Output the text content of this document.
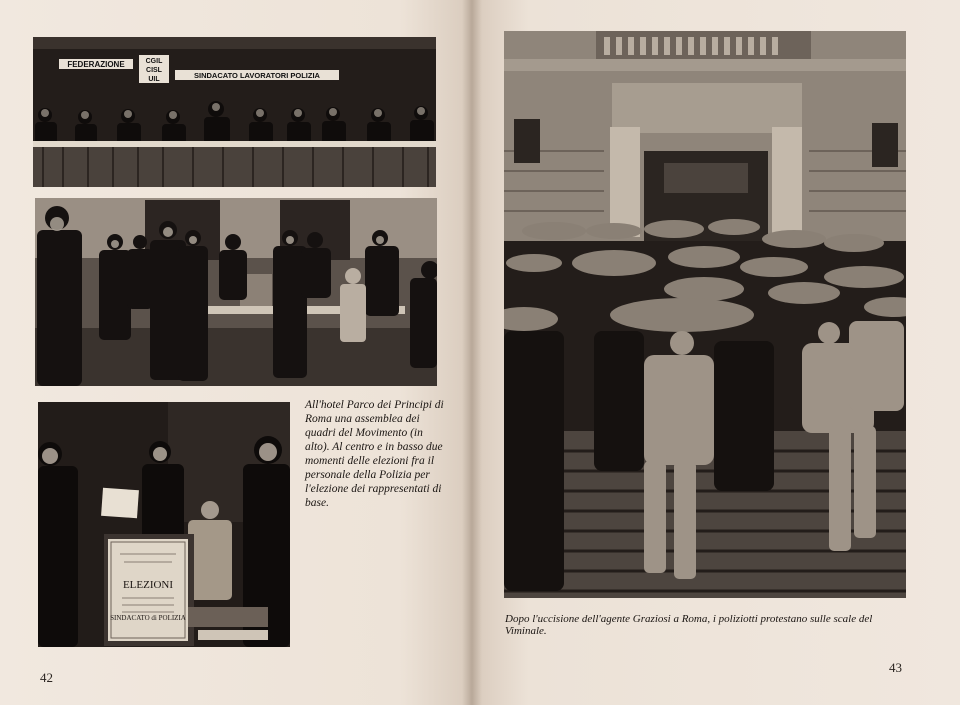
FEDERAZIONE	CGIL
CISL
UIL	SINDACATO LAVORATORI POLIZIA
ELEZIONI
SINDACATO di POLIZIA
All'hotel Parco dei Principi di Roma una assemblea dei quadri del Movimento (in alto). Al centro e in basso due momenti delle elezioni fra il personale della Polizia per l'elezione dei rappresentati di base.
Dopo l'uccisione dell'agente Graziosi a Roma, i poliziotti protestano sulle scale del Viminale.
42
43
